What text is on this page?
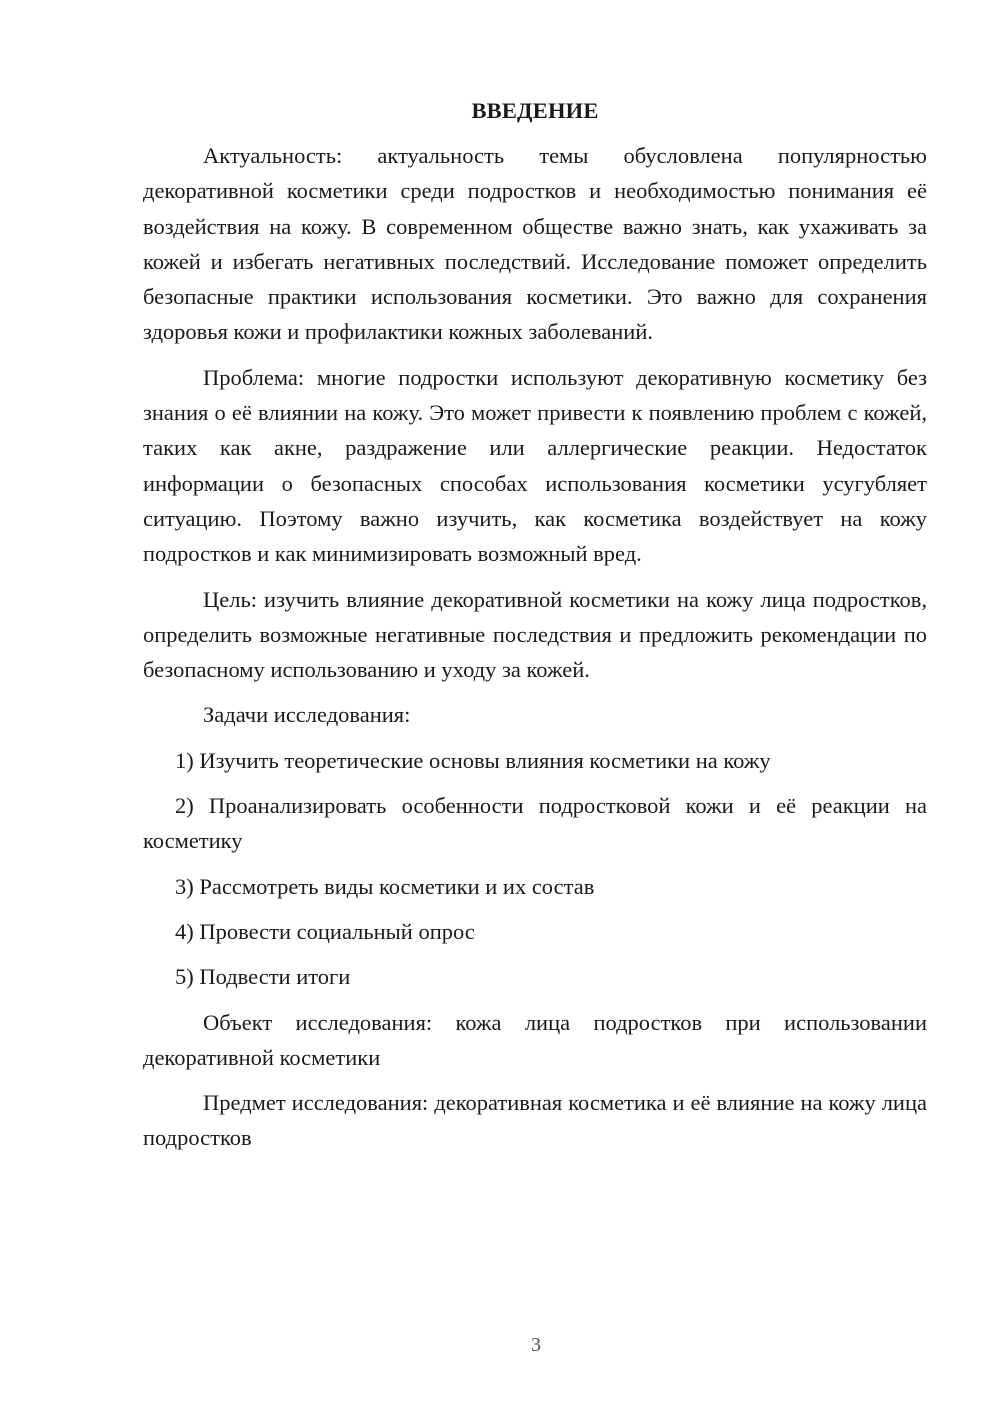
ВВЕДЕНИЕ

Актуальность: актуальность темы обусловлена популярностью декоративной косметики среди подростков и необходимостью понимания её воздействия на кожу. В современном обществе важно знать, как ухаживать за кожей и избегать негативных последствий. Исследование поможет определить безопасные практики использования косметики. Это важно для сохранения здоровья кожи и профилактики кожных заболеваний.

Проблема: многие подростки используют декоративную косметику без знания о её влиянии на кожу. Это может привести к появлению проблем с кожей, таких как акне, раздражение или аллергические реакции. Недостаток информации о безопасных способах использования косметики усугубляет ситуацию. Поэтому важно изучить, как косметика воздействует на кожу подростков и как минимизировать возможный вред.

Цель: изучить влияние декоративной косметики на кожу лица подростков, определить возможные негативные последствия и предложить рекомендации по безопасному использованию и уходу за кожей.

Задачи исследования:

1) Изучить теоретические основы влияния косметики на кожу

2) Проанализировать особенности подростковой кожи и её реакции на косметику

3) Рассмотреть виды косметики и их состав

4) Провести социальный опрос

5) Подвести итоги

Объект исследования: кожа лица подростков при использовании декоративной косметики

Предмет исследования: декоративная косметика и её влияние на кожу лица подростков

3
